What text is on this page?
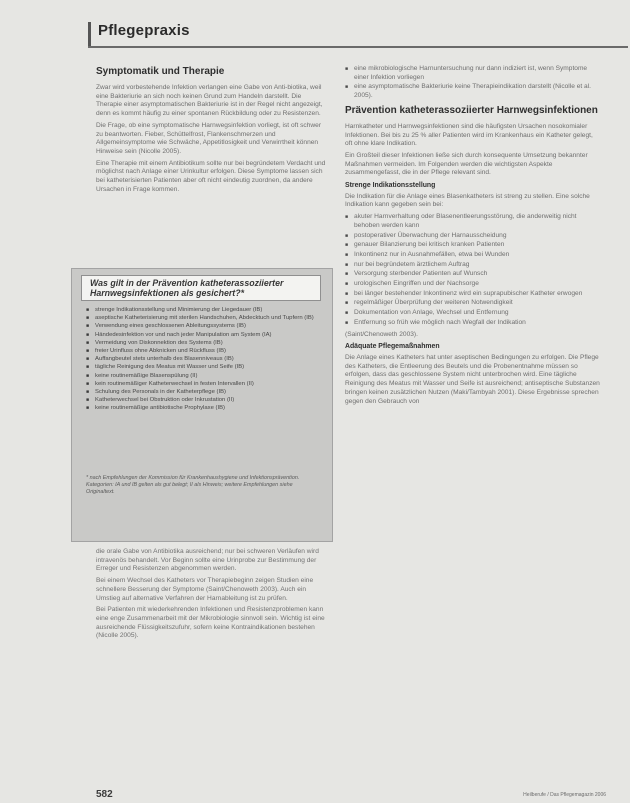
Pflegepraxis
Symptomatik und Therapie

Zwar wird vorbestehende Infektion verlangen eine Gabe von Anti-biotika, weil eine Bakteriurie an sich noch keinen Grund zum Handeln darstellt. Die Therapie einer asymptomatischen Bakteriurie ist in der Regel nicht angezeigt, denn es kommt häufig zu einer spontanen Rückbildung oder zu Resistenzen.

Die Frage, ob eine symptomatische Harnwegsinfektion vorliegt, ist oft schwer zu beantworten. Fieber, Schüttelfrost, Flankenschmerzen und Allgemeinsymptome wie Schwäche, Appetitlosigkeit und Verwirrtheit können Hinweise sein (Nicolle 2005).

Eine Therapie mit einem Antibiotikum sollte nur bei begründetem Verdacht und möglichst nach Anlage einer Urinkultur erfolgen. Diese Symptome lassen sich bei katheterisierten Patienten aber oft nicht eindeutig zuordnen, da andere Ursachen in Frage kommen.

Was gilt in der Prävention katheterassoziierter Harnwegsinfektionen als gesichert?*
■ strenge Indikationsstellung und Minimierung der Liegedauer (IB)
■ aseptische Katheterisierung mit sterilen Handschuhen, Abdecktuch und Tupfern (IB)
■ Verwendung eines geschlossenen Ableitungssystems (IB)
■ Händedesinfektion vor und nach jeder Manipulation am System (IA)
■ Vermeidung von Diskonnektion des Systems (IB)
■ freier Urinfluss ohne Abknicken und Rückfluss (IB)
■ Auffangbeutel stets unterhalb des Blasenniveaus (IB)
■ tägliche Reinigung des Meatus mit Wasser und Seife (IB)
■ keine routinemäßige Blasenspülung (II)
■ kein routinemäßiger Katheterwechsel in festen Intervallen (II)
■ Schulung des Personals in der Katheterpflege (IB)
■ Katheterwechsel bei Obstruktion oder Inkrustation (II)
■ keine routinemäßige antibiotische Prophylaxe (IB)
* nach Empfehlungen der Kommission für Krankenhaushygiene und Infektionsprävention. Kategorien: IA und IB gelten als gut belegt; II als Hinweis; weitere Empfehlungen siehe Originaltext.

die orale Gabe von Antibiotika ausreichend; nur bei schweren Verläufen wird intravenös behandelt. Vor Beginn sollte eine Urinprobe zur Bestimmung der Erreger und Resistenzen abgenommen werden.

Bei einem Wechsel des Katheters vor Therapiebeginn zeigen Studien eine schnellere Besserung der Symptome (Saint/Chenoweth 2003). Auch ein Umstieg auf alternative Verfahren der Harnableitung ist zu prüfen.

Bei Patienten mit wiederkehrenden Infektionen und Resistenzproblemen kann eine enge Zusammenarbeit mit der Mikrobiologie sinnvoll sein. Wichtig ist eine ausreichende Flüssigkeitszufuhr, sofern keine Kontraindikationen bestehen (Nicolle 2005).

■ eine mikrobiologische Harnuntersuchung nur dann indiziert ist, wenn Symptome einer Infektion vorliegen
■ eine asymptomatische Bakteriurie keine Therapieindikation darstellt (Nicolle et al. 2005).
Prävention katheterassoziierter Harnwegsinfektionen

Harnkatheter und Harnwegsinfektionen sind die häufigsten Ursachen nosokomialer Infektionen. Bei bis zu 25 % aller Patienten wird im Krankenhaus ein Katheter gelegt, oft ohne klare Indikation.

Ein Großteil dieser Infektionen ließe sich durch konsequente Umsetzung bekannter Maßnahmen vermeiden. Im Folgenden werden die wichtigsten Aspekte zusammengefasst, die in der Pflege relevant sind.

Strenge Indikationsstellung

Die Indikation für die Anlage eines Blasenkatheters ist streng zu stellen. Eine solche Indikation kann gegeben sein bei:

■ akuter Harnverhaltung oder Blasenentleerungsstörung, die anderweitig nicht behoben werden kann
■ postoperativer Überwachung der Harnausscheidung
■ genauer Bilanzierung bei kritisch kranken Patienten
■ Inkontinenz nur in Ausnahmefällen, etwa bei Wunden
■ nur bei begründetem ärztlichem Auftrag
■ Versorgung sterbender Patienten auf Wunsch
■ urologischen Eingriffen und der Nachsorge
■ bei länger bestehender Inkontinenz wird ein suprapubischer Katheter erwogen
■ regelmäßiger Überprüfung der weiteren Notwendigkeit
■ Dokumentation von Anlage, Wechsel und Entfernung
■ Entfernung so früh wie möglich nach Wegfall der Indikation

(Saint/Chenoweth 2003).

Adäquate Pflegemaßnahmen

Die Anlage eines Katheters hat unter aseptischen Bedingungen zu erfolgen. Die Pflege des Katheters, die Entleerung des Beutels und die Probenentnahme müssen so erfolgen, dass das geschlossene System nicht unterbrochen wird. Eine tägliche Reinigung des Meatus mit Wasser und Seife ist ausreichend; antiseptische Substanzen bringen keinen zusätzlichen Nutzen (Maki/Tambyah 2001). Diese Ergebnisse sprechen gegen den Gebrauch von

582	Heilberufe / Das Pflegemagazin 2006
